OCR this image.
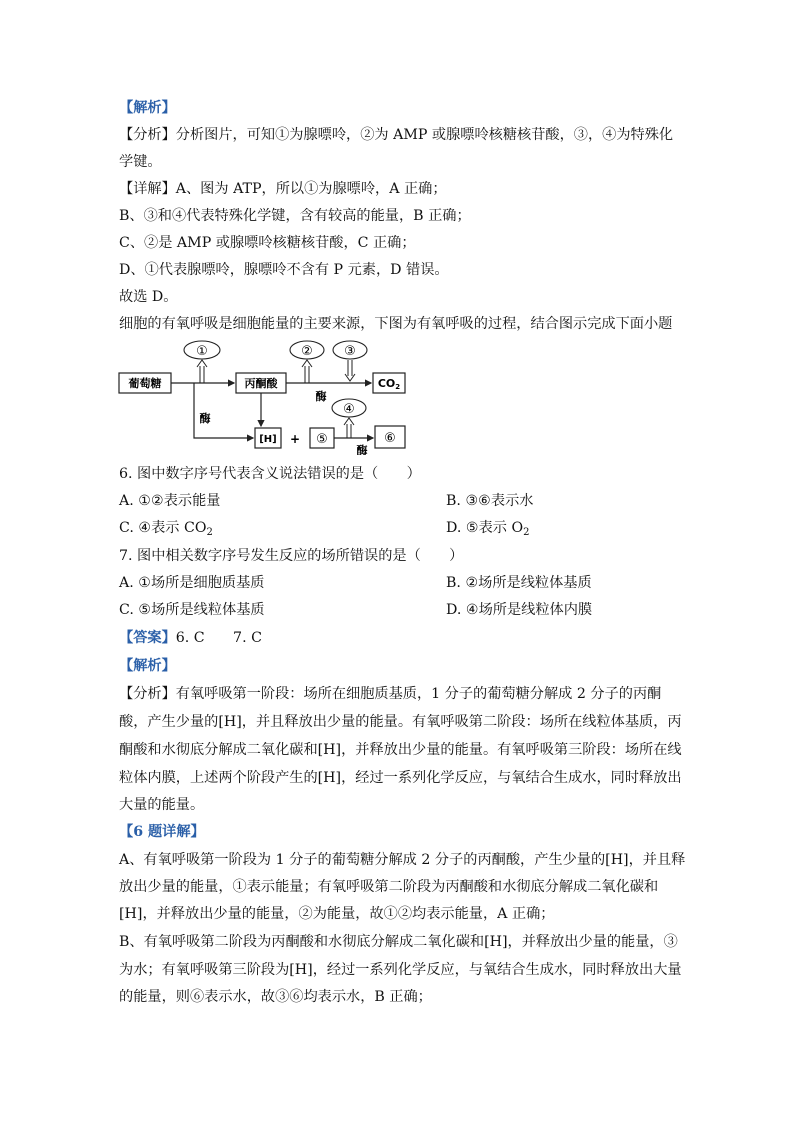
【解析】
【分析】分析图片，可知①为腺嘌呤，②为 AMP 或腺嘌呤核糖核苷酸，③，④为特殊化
学键。
【详解】A、图为 ATP，所以①为腺嘌呤，A 正确；
B、③和④代表特殊化学键，含有较高的能量，B 正确；
C、②是 AMP 或腺嘌呤核糖核苷酸，C 正确；
D、①代表腺嘌呤，腺嘌呤不含有 P 元素，D 错误。
故选 D。
细胞的有氧呼吸是细胞能量的主要来源，下图为有氧呼吸的过程，结合图示完成下面小题
葡萄糖
①
丙酮酸
② ③
酶
CO2
酶
[H] + ⑤
④
酶
⑥
6. 图中数字序号代表含义说法错误的是（　　）
A. ①②表示能量	B. ③⑥表示水
C. ④表示 $CO_2$	D. ⑤表示 $O_2$
7. 图中相关数字序号发生反应的场所错误的是（　　）
A. ①场所是细胞质基质	B. ②场所是线粒体基质
C. ⑤场所是线粒体基质	D. ④场所是线粒体内膜
【答案】6. C　　7. C
【解析】
【分析】有氧呼吸第一阶段：场所在细胞质基质，1 分子的葡萄糖分解成 2 分子的丙酮
酸，产生少量的[H]，并且释放出少量的能量。有氧呼吸第二阶段：场所在线粒体基质，丙
酮酸和水彻底分解成二氧化碳和[H]，并释放出少量的能量。有氧呼吸第三阶段：场所在线
粒体内膜，上述两个阶段产生的[H]，经过一系列化学反应，与氧结合生成水，同时释放出
大量的能量。
【6 题详解】
A、有氧呼吸第一阶段为 1 分子的葡萄糖分解成 2 分子的丙酮酸，产生少量的[H]，并且释
放出少量的能量，①表示能量；有氧呼吸第二阶段为丙酮酸和水彻底分解成二氧化碳和
[H]，并释放出少量的能量，②为能量，故①②均表示能量，A 正确；
B、有氧呼吸第二阶段为丙酮酸和水彻底分解成二氧化碳和[H]，并释放出少量的能量，③
为水；有氧呼吸第三阶段为[H]，经过一系列化学反应，与氧结合生成水，同时释放出大量
的能量，则⑥表示水，故③⑥均表示水，B 正确；
